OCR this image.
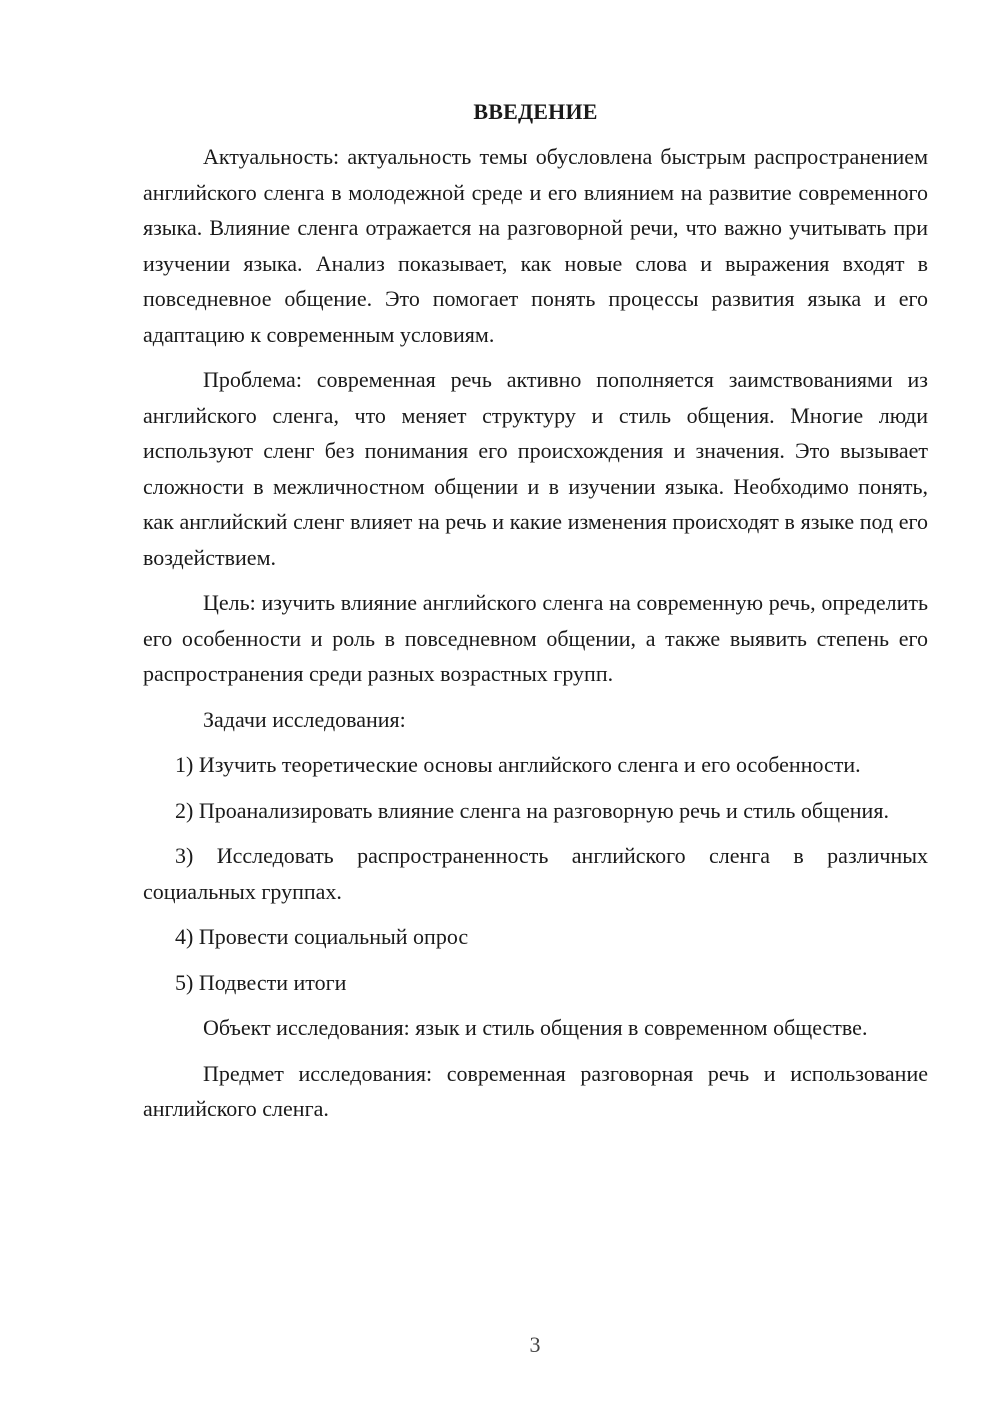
ВВЕДЕНИЕ

Актуальность: актуальность темы обусловлена быстрым распространением английского сленга в молодежной среде и его влиянием на развитие современного языка. Влияние сленга отражается на разговорной речи, что важно учитывать при изучении языка. Анализ показывает, как новые слова и выражения входят в повседневное общение. Это помогает понять процессы развития языка и его адаптацию к современным условиям.

Проблема: современная речь активно пополняется заимствованиями из английского сленга, что меняет структуру и стиль общения. Многие люди используют сленг без понимания его происхождения и значения. Это вызывает сложности в межличностном общении и в изучении языка. Необходимо понять, как английский сленг влияет на речь и какие изменения происходят в языке под его воздействием.

Цель: изучить влияние английского сленга на современную речь, определить его особенности и роль в повседневном общении, а также выявить степень его распространения среди разных возрастных групп.

Задачи исследования:

1) Изучить теоретические основы английского сленга и его особенности.

2) Проанализировать влияние сленга на разговорную речь и стиль общения.

3) Исследовать распространенность английского сленга в различных социальных группах.

4) Провести социальный опрос

5) Подвести итоги

Объект исследования: язык и стиль общения в современном обществе.

Предмет исследования: современная разговорная речь и использование английского сленга.

3
